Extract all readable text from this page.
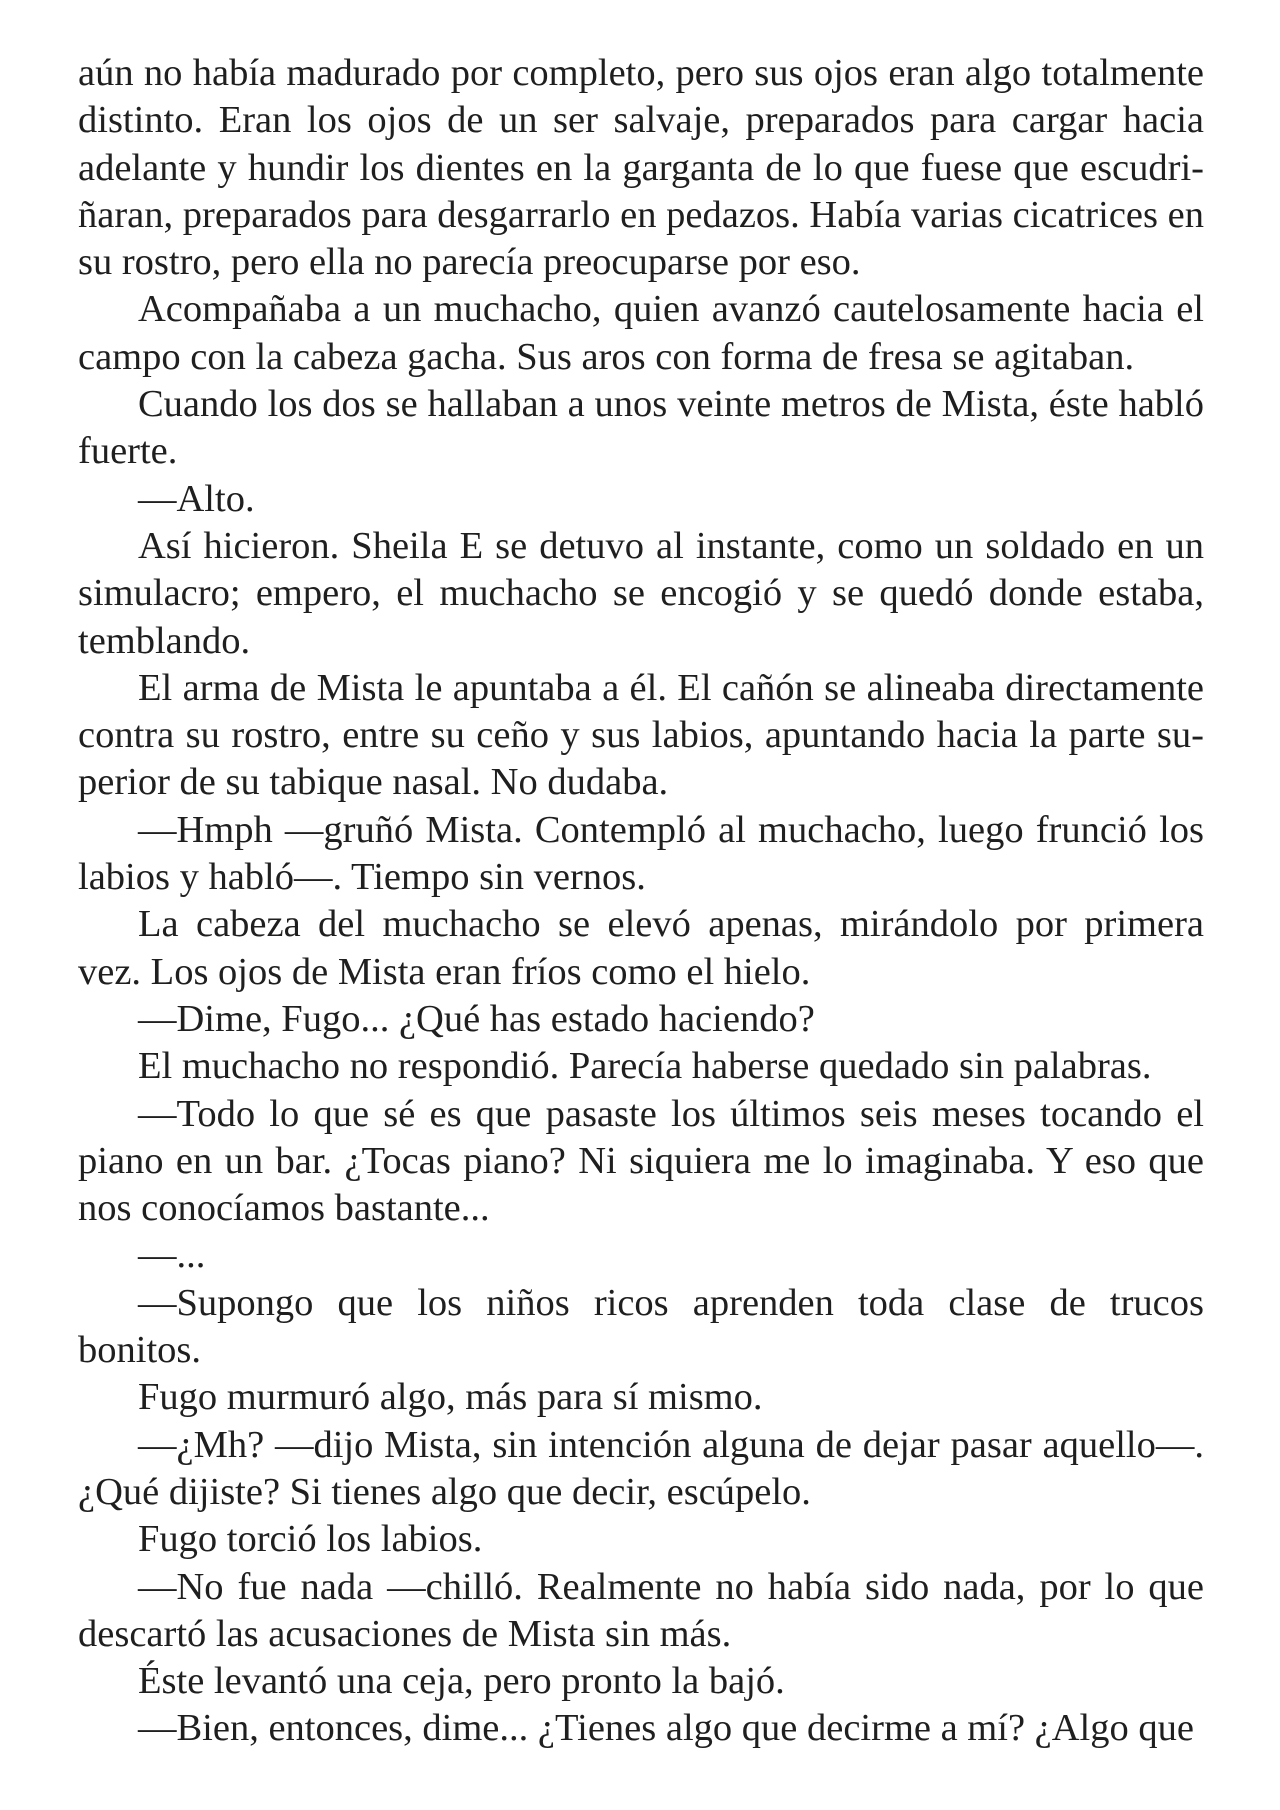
aún no había madurado por completo, pero sus ojos eran algo totalmente distinto. Eran los ojos de un ser salvaje, preparados para cargar hacia adelante y hundir los dientes en la garganta de lo que fuese que escudriñaran, preparados para desgarrarlo en pedazos. Había varias cicatrices en su rostro, pero ella no parecía preocuparse por eso.

Acompañaba a un muchacho, quien avanzó cautelosamente hacia el campo con la cabeza gacha. Sus aros con forma de fresa se agitaban.

Cuando los dos se hallaban a unos veinte metros de Mista, éste habló fuerte.

—Alto.

Así hicieron. Sheila E se detuvo al instante, como un soldado en un simulacro; empero, el muchacho se encogió y se quedó donde estaba, temblando.

El arma de Mista le apuntaba a él. El cañón se alineaba directamente contra su rostro, entre su ceño y sus labios, apuntando hacia la parte superior de su tabique nasal. No dudaba.

—Hmph —gruñó Mista. Contempló al muchacho, luego frunció los labios y habló—. Tiempo sin vernos.

La cabeza del muchacho se elevó apenas, mirándolo por primera vez. Los ojos de Mista eran fríos como el hielo.

—Dime, Fugo... ¿Qué has estado haciendo?

El muchacho no respondió. Parecía haberse quedado sin palabras.

—Todo lo que sé es que pasaste los últimos seis meses tocando el piano en un bar. ¿Tocas piano? Ni siquiera me lo imaginaba. Y eso que nos conocíamos bastante...

—...

—Supongo que los niños ricos aprenden toda clase de trucos bonitos.

Fugo murmuró algo, más para sí mismo.

—¿Mh? —dijo Mista, sin intención alguna de dejar pasar aquello—. ¿Qué dijiste? Si tienes algo que decir, escúpelo.

Fugo torció los labios.

—No fue nada —chilló. Realmente no había sido nada, por lo que descartó las acusaciones de Mista sin más.

Éste levantó una ceja, pero pronto la bajó.

—Bien, entonces, dime... ¿Tienes algo que decirme a mí? ¿Algo que
